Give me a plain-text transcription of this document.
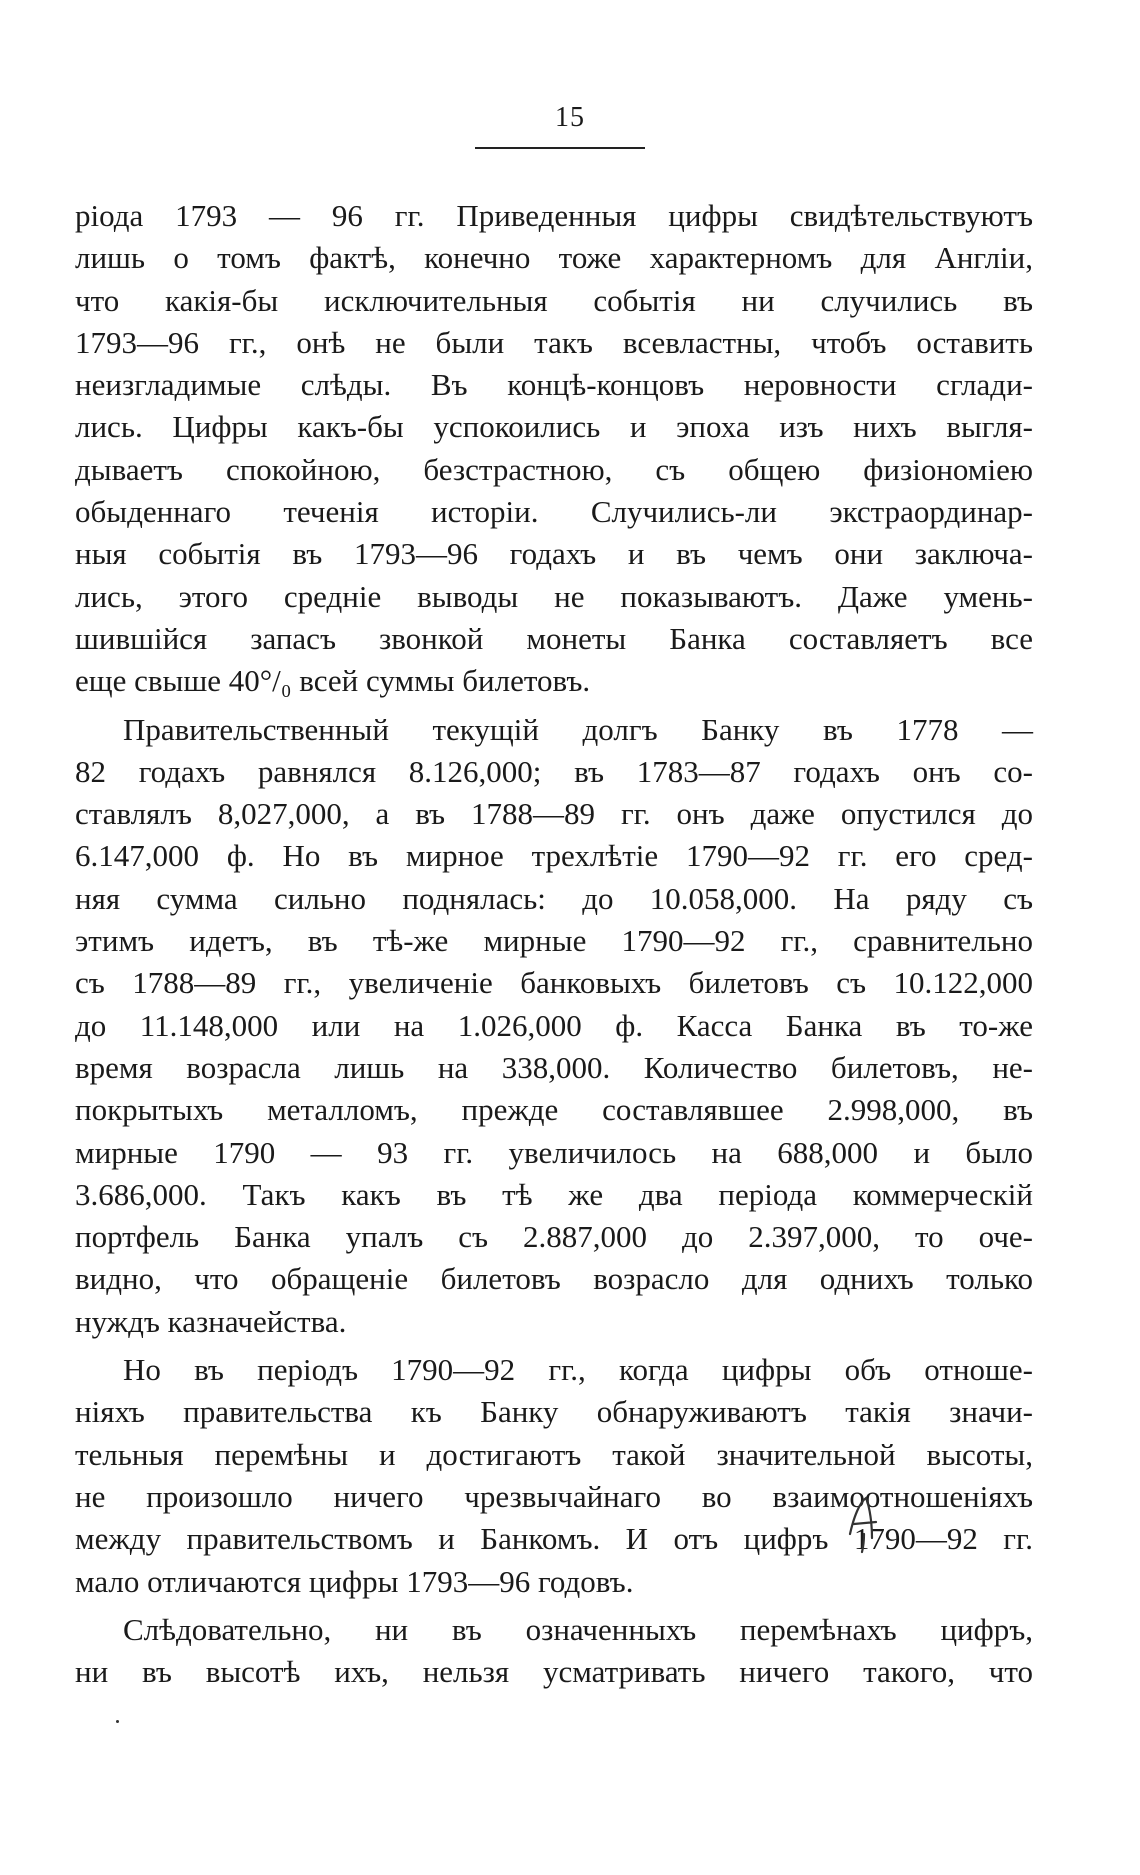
15
ріода 1793 — 96 гг. Приведенныя цифры свидѣтельствуютъ
лишь о томъ фактѣ, конечно тоже характерномъ для Англіи,
что какія-бы исключительныя событія ни случились въ
1793—96 гг., онѣ не были такъ всевластны, чтобъ оставить
неизгладимые слѣды. Въ концѣ-концовъ неровности сглади-
лись. Цифры какъ-бы успокоились и эпоха изъ нихъ выгля-
дываетъ спокойною, безстрастною, съ общею физіономіею
обыденнаго теченія исторіи. Случились-ли экстраординар-
ныя событія въ 1793—96 годахъ и въ чемъ они заключа-
лись, этого средніе выводы не показываютъ. Даже умень-
шившійся запасъ звонкой монеты Банка составляетъ все
еще свыше 40°/₀ всей суммы билетовъ.
Правительственный текущій долгъ Банку въ 1778 —
82 годахъ равнялся 8.126,000; въ 1783—87 годахъ онъ со-
ставлялъ 8,027,000, а въ 1788—89 гг. онъ даже опустился до
6.147,000 ф. Но въ мирное трехлѣтіе 1790—92 гг. его сред-
няя сумма сильно поднялась: до 10.058,000. На ряду съ
этимъ идетъ, въ тѣ-же мирные 1790—92 гг., сравнительно
съ 1788—89 гг., увеличеніе банковыхъ билетовъ съ 10.122,000
до 11.148,000 или на 1.026,000 ф. Касса Банка въ то-же
время возрасла лишь на 338,000. Количество билетовъ, не-
покрытыхъ металломъ, прежде составлявшее 2.998,000, въ
мирные 1790 — 93 гг. увеличилось на 688,000 и было
3.686,000. Такъ какъ въ тѣ же два періода коммерческій
портфель Банка упалъ съ 2.887,000 до 2.397,000, то оче-
видно, что обращеніе билетовъ возрасло для однихъ только
нуждъ казначейства.
Но въ періодъ 1790—92 гг., когда цифры объ отноше-
ніяхъ правительства къ Банку обнаруживаютъ такія значи-
тельныя перемѣны и достигаютъ такой значительной высоты,
не произошло ничего чрезвычайнаго во взаимоотношеніяхъ
между правительствомъ и Банкомъ. И отъ цифръ 1790—92 гг.
мало отличаются цифры 1793—96 годовъ.
Слѣдовательно, ни въ означенныхъ перемѣнахъ цифръ,
ни въ высотѣ ихъ, нельзя усматривать ничего такого, что
